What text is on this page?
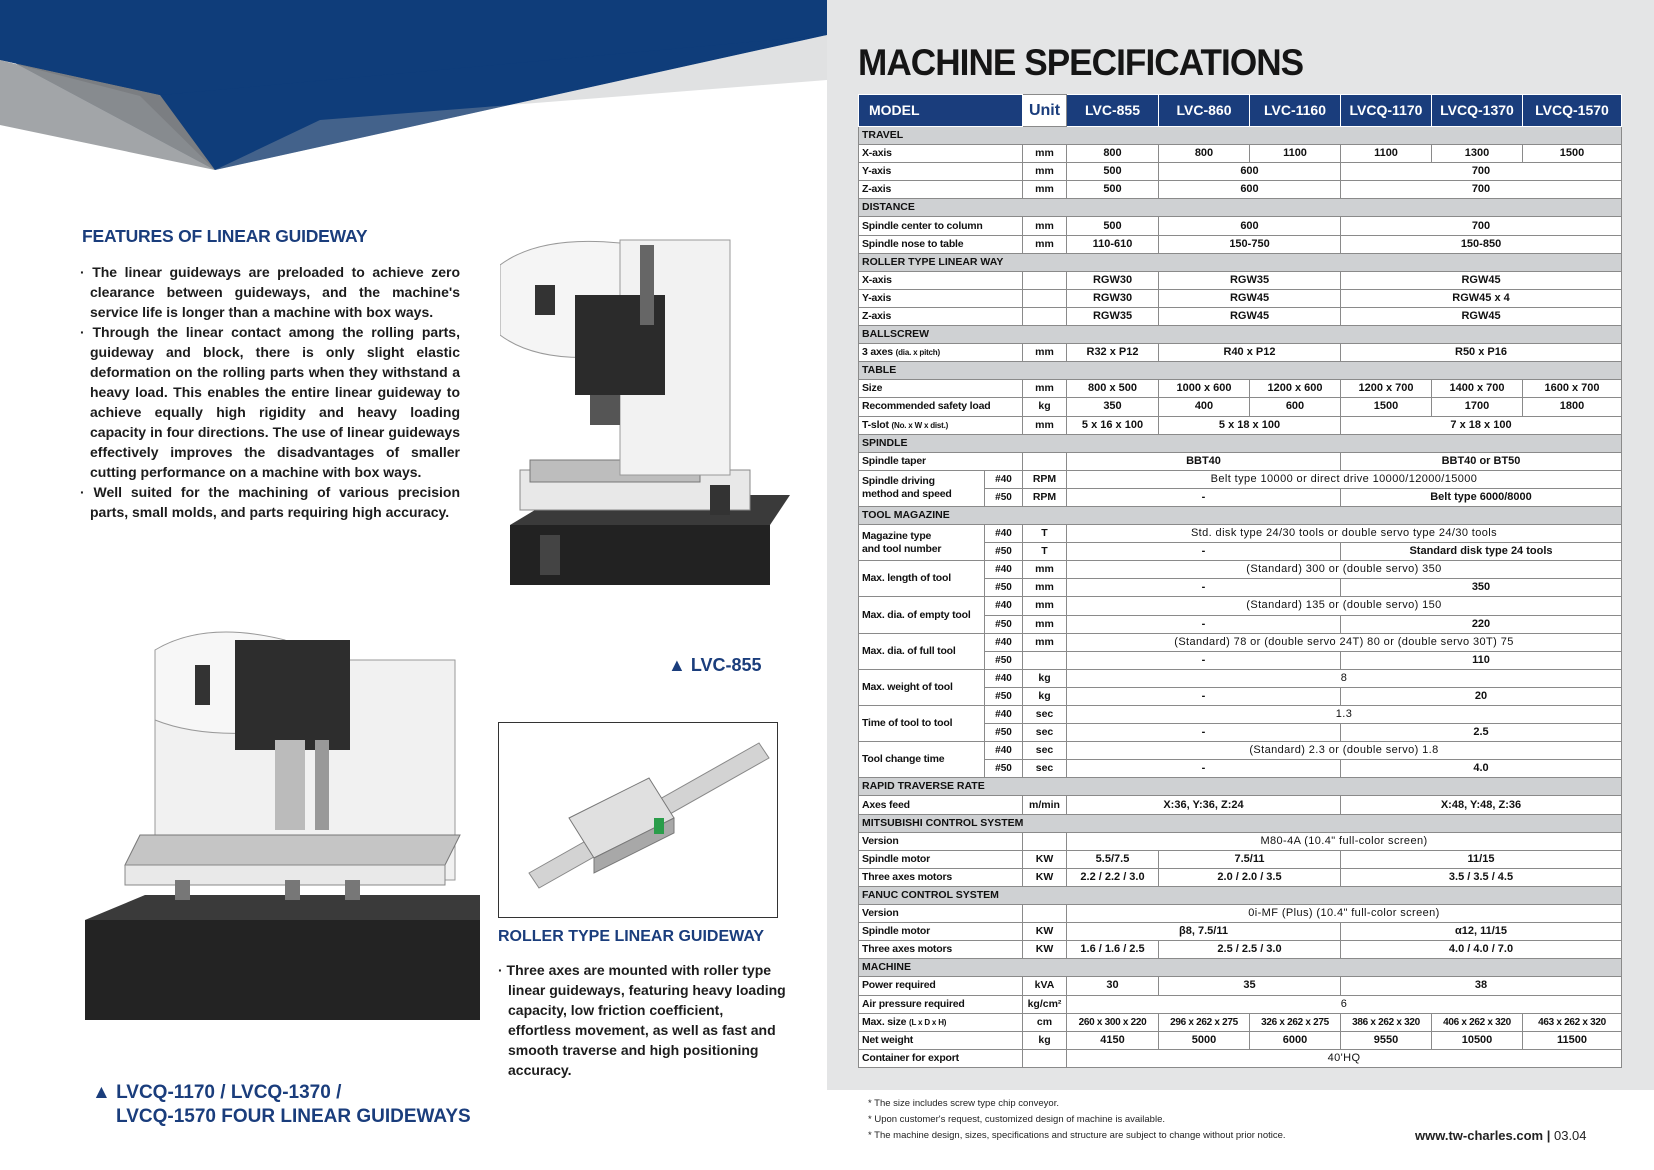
FEATURES OF LINEAR GUIDEWAY

· The linear guideways are preloaded to achieve zero clearance between guideways, and the machine's service life is longer than a machine with box ways.

· Through the linear contact among the rolling parts, guideway and block, there is only slight elastic deformation on the rolling parts when they withstand a heavy load. This enables the entire linear guideway to achieve equally high rigidity and heavy loading capacity in four directions. The use of linear guideways effectively improves the disadvantages of smaller cutting performance on a machine with box ways.

· Well suited for the machining of various precision parts, small molds, and parts requiring high accuracy.

▲ LVC-855
▲ LVCQ-1170 / LVCQ-1370 /
LVCQ-1570 FOUR LINEAR GUIDEWAYS
ROLLER TYPE LINEAR GUIDEWAY
· Three axes are mounted with roller type linear guideways, featuring heavy loading capacity, low friction coefficient, effortless movement, as well as fast and smooth traverse and high positioning accuracy.
MACHINE SPECIFICATIONS
MODEL		Unit	LVC-855	LVC-860	LVC-1160	LVCQ-1170	LVCQ-1370	LVCQ-1570
TRAVEL								
X-axis		mm	800	800	1100	1100	1300	1500
Y-axis		mm	500	600		700		
Z-axis		mm	500	600		700		
DISTANCE								
Spindle center to column		mm	500	600		700		
Spindle nose to table		mm	110-610	150-750		150-850		
ROLLER TYPE LINEAR WAY								
X-axis			RGW30	RGW35		RGW45		
Y-axis			RGW30	RGW45		RGW45 x 4		
Z-axis			RGW35	RGW45		RGW45		
BALLSCREW								
3 axes (dia. x pitch)		mm	R32 x P12	R40 x P12		R50 x P16		
TABLE								
Size		mm	800 x 500	1000 x 600	1200 x 600	1200 x 700	1400 x 700	1600 x 700
Recommended safety load		kg	350	400	600	1500	1700	1800
T-slot (No. x W x dist.)		mm	5 x 16 x 100	5 x 18 x 100		7 x 18 x 100		
SPINDLE								
Spindle taper			BBT40			BBT40 or BT50		
Spindle driving
method and speed	#40	RPM	Belt type 10000 or direct drive 10000/12000/15000					
	#50	RPM	-			Belt type 6000/8000		
TOOL MAGAZINE								
Magazine type
and tool number	#40	T	Std. disk type 24/30 tools or double servo type 24/30 tools					
	#50	T	-			Standard disk type 24 tools		
Max. length of tool	#40	mm	(Standard) 300 or (double servo) 350					
	#50	mm	-			350		
Max. dia. of empty tool	#40	mm	(Standard) 135 or (double servo) 150					
	#50	mm	-			220		
Max. dia. of full tool	#40	mm	(Standard) 78 or (double servo 24T) 80 or (double servo 30T) 75					
	#50		-			110		
Max. weight of tool	#40	kg	8					
	#50	kg	-			20		
Time of tool to tool	#40	sec	1.3					
	#50	sec	-			2.5		
Tool change time	#40	sec	(Standard) 2.3 or (double servo) 1.8					
	#50	sec	-			4.0		
RAPID TRAVERSE RATE								
Axes feed		m/min	X:36, Y:36, Z:24			X:48, Y:48, Z:36		
MITSUBISHI CONTROL SYSTEM								
Version			M80-4A (10.4" full-color screen)					
Spindle motor		KW	5.5/7.5	7.5/11		11/15		
Three axes motors		KW	2.2 / 2.2 / 3.0	2.0 / 2.0 / 3.5		3.5 / 3.5 / 4.5		
FANUC CONTROL SYSTEM								
Version			0i-MF (Plus) (10.4" full-color screen)					
Spindle motor		KW	β8, 7.5/11			α12, 11/15		
Three axes motors		KW	1.6 / 1.6 / 2.5	2.5 / 2.5 / 3.0		4.0 / 4.0 / 7.0		
MACHINE								
Power required		kVA	30	35		38		
Air pressure required		kg/cm²	6					
Max. size (L x D x H)		cm	260 x 300 x 220	296 x 262 x 275	326 x 262 x 275	386 x 262 x 320	406 x 262 x 320	463 x 262 x 320
Net weight		kg	4150	5000	6000	9550	10500	11500
Container for export			40'HQ					
* The size includes screw type chip conveyor.
* Upon customer's request, customized design of machine is available.
* The machine design, sizes, specifications and structure are subject to change without prior notice.	www.tw-charles.com | 03.04
